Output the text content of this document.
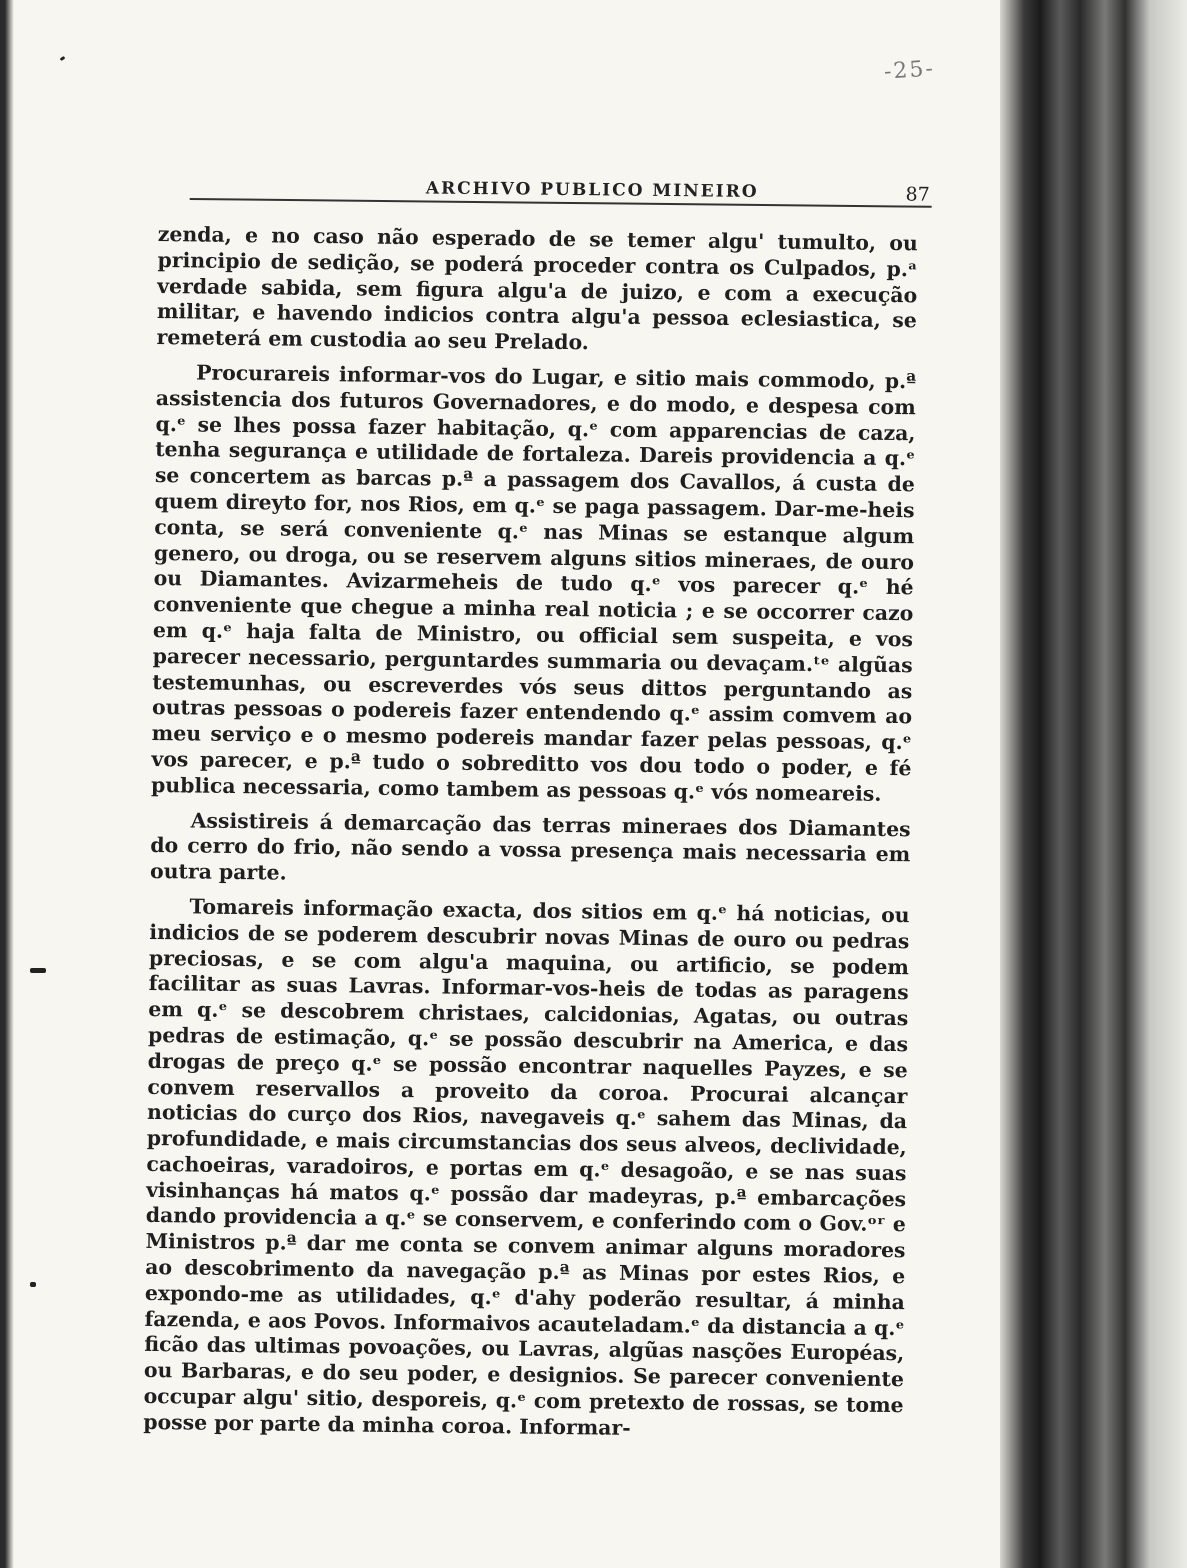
-25-
ARCHIVO PUBLICO MINEIRO	87

zenda, e no caso não esperado de se temer algu' tumulto, ou principio de sedição, se poderá proceder contra os Culpados, p.ᵃ verdade sabida, sem figura algu'a de juizo, e com a execução militar, e havendo indicios contra algu'a pessoa eclesiastica, se remeterá em custodia ao seu Prelado.

Procurareis informar-vos do Lugar, e sitio mais commodo, p.ª assistencia dos futuros Governadores, e do modo, e despesa com q.ᵉ se lhes possa fazer habitação, q.ᵉ com apparencias de caza, tenha segurança e utilidade de fortaleza. Dareis providencia a q.ᵉ se concertem as barcas p.ª a passagem dos Cavallos, á custa de quem direyto for, nos Rios, em q.ᵉ se paga passagem. Dar-me-heis conta, se será conveniente q.ᵉ nas Minas se estanque algum genero, ou droga, ou se reservem alguns sitios mineraes, de ouro ou Diamantes. Avizarmeheis de tudo q.ᵉ vos parecer q.ᵉ hé conveniente que chegue a minha real noticia ; e se occorrer cazo em q.ᵉ haja falta de Ministro, ou official sem suspeita, e vos parecer necessario, perguntardes summaria ou devaçam.ᵗᵉ algũas testemunhas, ou escreverdes vós seus dittos perguntando as outras pessoas o podereis fazer entendendo q.ᵉ assim comvem ao meu serviço e o mesmo podereis mandar fazer pelas pessoas, q.ᵉ vos parecer, e p.ª tudo o sobreditto vos dou todo o poder, e fé publica necessaria, como tambem as pessoas q.ᵉ vós nomeareis.

Assistireis á demarcação das terras mineraes dos Diamantes do cerro do frio, não sendo a vossa presença mais necessaria em outra parte.

Tomareis informação exacta, dos sitios em q.ᵉ há noticias, ou indicios de se poderem descubrir novas Minas de ouro ou pedras preciosas, e se com algu'a maquina, ou artificio, se podem facilitar as suas Lavras. Informar-vos-heis de todas as paragens em q.ᵉ se descobrem christaes, calcidonias, Agatas, ou outras pedras de estimação, q.ᵉ se possão descubrir na America, e das drogas de preço q.ᵉ se possão encontrar naquelles Payzes, e se convem reservallos a proveito da coroa. Procurai alcançar noticias do curço dos Rios, navegaveis q.ᵉ sahem das Minas, da profundidade, e mais circumstancias dos seus alveos, declividade, cachoeiras, varadoiros, e portas em q.ᵉ desagoão, e se nas suas visinhanças há matos q.ᵉ possão dar madeyras, p.ª embarcações dando providencia a q.ᵉ se conservem, e conferindo com o Gov.ᵒʳ e Ministros p.ª dar me conta se convem animar alguns moradores ao descobrimento da navegação p.ª as Minas por estes Rios, e expondo-me as utilidades, q.ᵉ d'ahy poderão resultar, á minha fazenda, e aos Povos. Informaivos acauteladam.ᵉ da distancia a q.ᵉ ficão das ultimas povoações, ou Lavras, algũas nasções Européas, ou Barbaras, e do seu poder, e designios. Se parecer conveniente occupar algu' sitio, desporeis, q.ᵉ com pretexto de rossas, se tome posse por parte da minha coroa. Informar-
